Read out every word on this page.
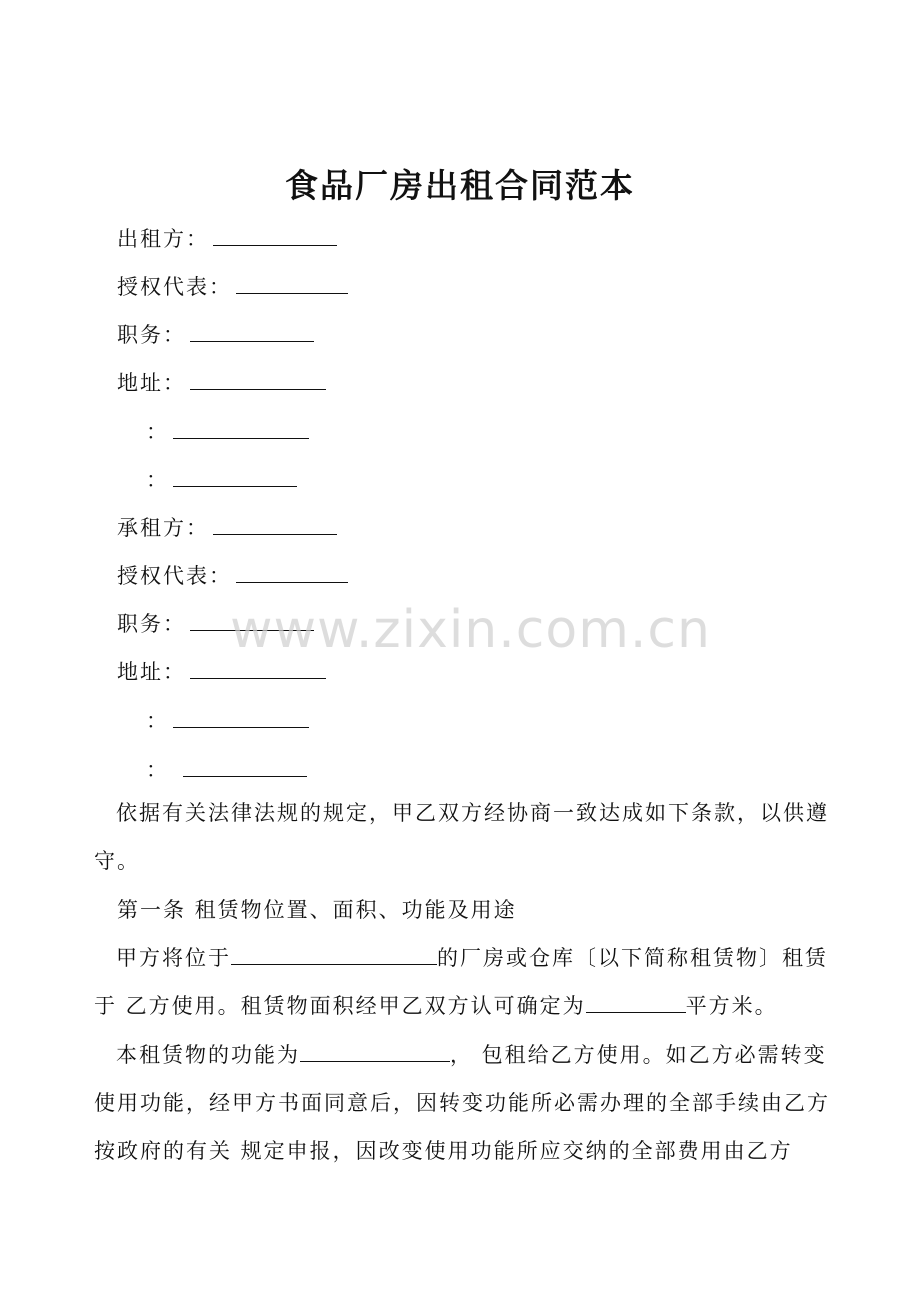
食品厂房出租合同范本
出租方：
授权代表：
职务：
地址：
：
：
承租方：
授权代表：
职务：
地址：
：
：
依据有关法律法规的规定，甲乙双方经协商一致达成如下条款，以供遵守。
第一条 租赁物位置、面积、功能及用途
甲方将位于	的厂房或仓库〔以下简称租赁物〕租赁于 乙方使用。租赁物面积经甲乙双方认可确定为	平方米。
本租赁物的功能为	， 包租给乙方使用。如乙方必需转变使用功能，经甲方书面同意后，因转变功能所必需办理的全部手续由乙方按政府的有关 规定申报，因改变使用功能所应交纳的全部费用由乙方
www.zixin.com.cn
